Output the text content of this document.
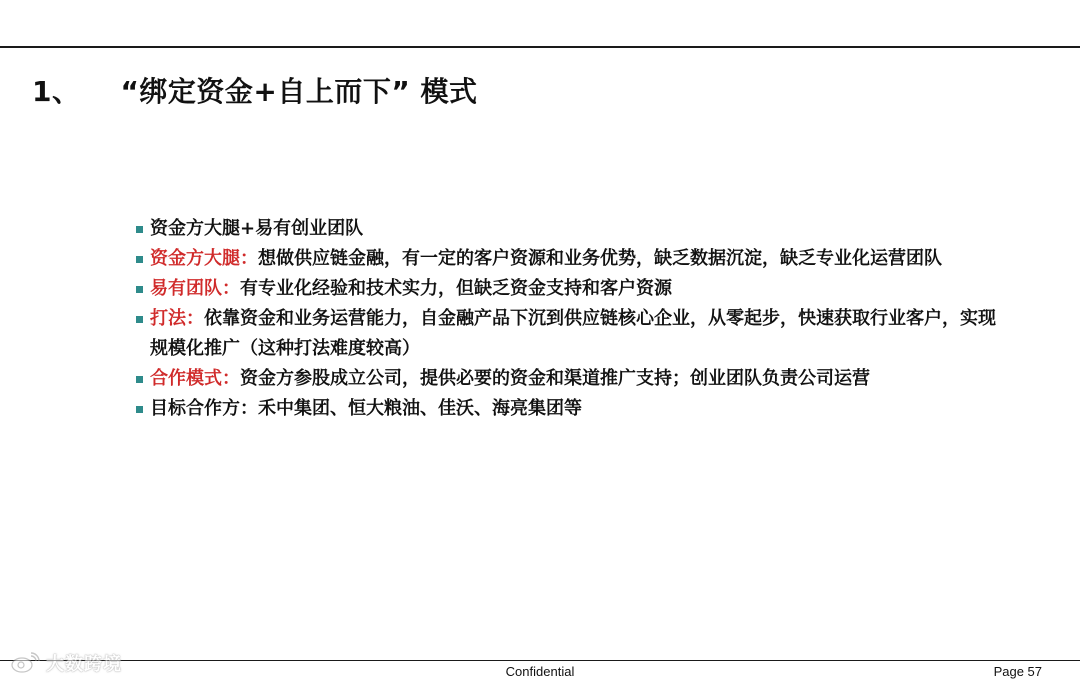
1、 “绑定资金+自上而下” 模式
资金方大腿+易有创业团队
资金方大腿：想做供应链金融，有一定的客户资源和业务优势，缺乏数据沉淀，缺乏专业化运营团队
易有团队：有专业化经验和技术实力，但缺乏资金支持和客户资源
打法：依靠资金和业务运营能力，自金融产品下沉到供应链核心企业，从零起步，快速获取行业客户，实现规模化推广（这种打法难度较高）
合作模式：资金方参股成立公司，提供必要的资金和渠道推广支持；创业团队负责公司运营
目标合作方：禾中集团、恒大粮油、佳沃、海亮集团等
Confidential	Page 57
大数跨境
